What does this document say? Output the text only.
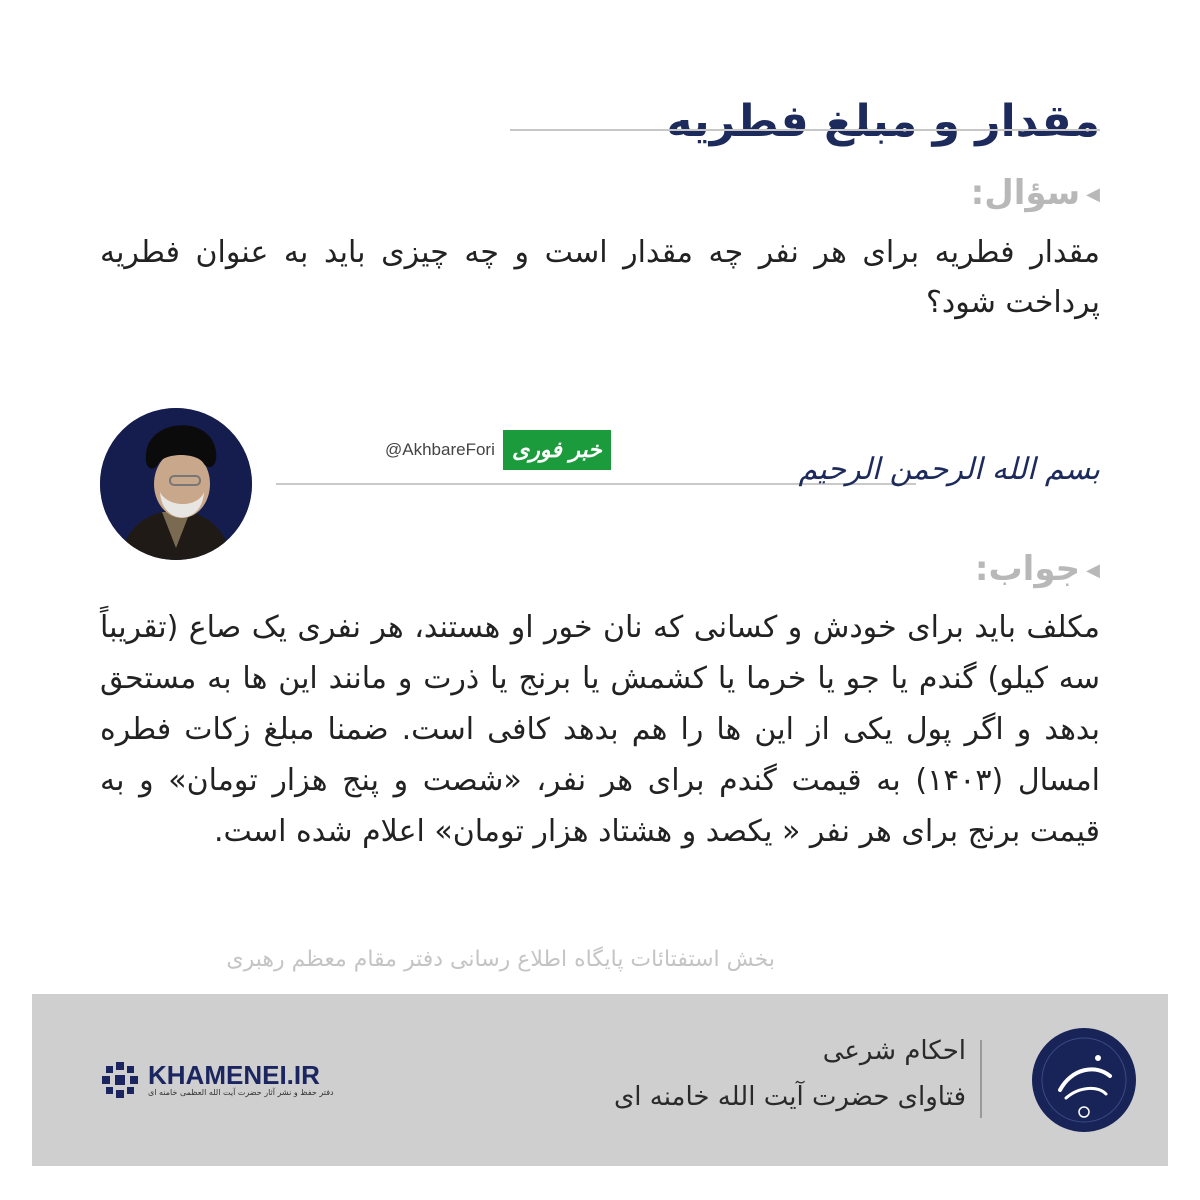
مقدار و مبلغ فطریه
◀سؤال:
مقدار فطریه برای هر نفر چه مقدار است و چه چیزی باید به عنوان فطریه پرداخت شود؟
@AkhbareFori خبر فوری
بسم الله الرحمن الرحیم
◀جواب:
مکلف باید برای خودش و کسانی که نان خور او هستند، هر نفری یک صاع (تقریباً سه کیلو) گندم یا جو یا خرما یا کشمش یا برنج یا ذرت و مانند این ها به مستحق بدهد و اگر پول یکی از این ها را هم بدهد کافی است. ضمنا مبلغ زکات فطره امسال (۱۴۰۳) به قیمت گندم برای هر نفر، «شصت و پنج هزار تومان» و به قیمت برنج برای هر نفر « یکصد و هشتاد هزار تومان» اعلام شده است.
بخش استفتائات پایگاه اطلاع رسانی دفتر مقام معظم رهبری
احکام شرعی
فتاوای حضرت آیت الله خامنه ای
KHAMENEI.IR
دفتر حفظ و نشر آثار حضرت آیت الله العظمی خامنه ای
